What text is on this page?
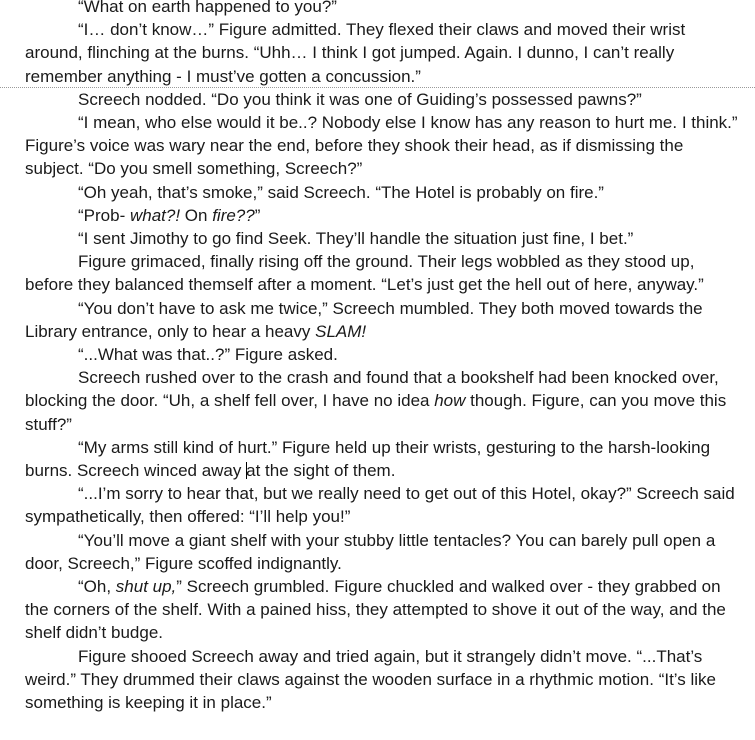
“What on earth happened to you?”

“I… don’t know…” Figure admitted. They flexed their claws and moved their wrist around, flinching at the burns. “Uhh… I think I got jumped. Again. I dunno, I can’t really remember anything - I must’ve gotten a concussion.”

Screech nodded. “Do you think it was one of Guiding’s possessed pawns?”

“I mean, who else would it be..? Nobody else I know has any reason to hurt me. I think.” Figure’s voice was wary near the end, before they shook their head, as if dismissing the subject. “Do you smell something, Screech?”

“Oh yeah, that’s smoke,” said Screech. “The Hotel is probably on fire.”

“Prob- what?! On fire??”

“I sent Jimothy to go find Seek. They’ll handle the situation just fine, I bet.”

Figure grimaced, finally rising off the ground. Their legs wobbled as they stood up, before they balanced themself after a moment. “Let’s just get the hell out of here, anyway.”

“You don’t have to ask me twice,” Screech mumbled. They both moved towards the Library entrance, only to hear a heavy SLAM!

“...What was that..?” Figure asked.

Screech rushed over to the crash and found that a bookshelf had been knocked over, blocking the door. “Uh, a shelf fell over, I have no idea how though. Figure, can you move this stuff?”

“My arms still kind of hurt.” Figure held up their wrists, gesturing to the harsh-looking burns. Screech winced away at the sight of them.

“...I’m sorry to hear that, but we really need to get out of this Hotel, okay?” Screech said sympathetically, then offered: “I’ll help you!”

“You’ll move a giant shelf with your stubby little tentacles? You can barely pull open a door, Screech,” Figure scoffed indignantly.

“Oh, shut up,” Screech grumbled. Figure chuckled and walked over - they grabbed on the corners of the shelf. With a pained hiss, they attempted to shove it out of the way, and the shelf didn’t budge.

Figure shooed Screech away and tried again, but it strangely didn’t move. “...That’s weird.” They drummed their claws against the wooden surface in a rhythmic motion. “It’s like something is keeping it in place.”
